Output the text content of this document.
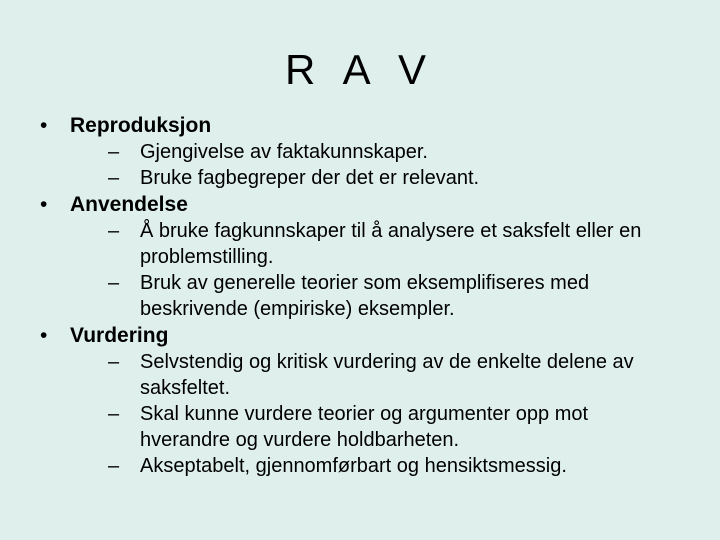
R A V
• Reproduksjon
– Gjengivelse av faktakunnskaper.
– Bruke fagbegreper der det er relevant.
• Anvendelse
– Å bruke fagkunnskaper til å analysere et saksfelt eller en problemstilling.
– Bruk av generelle teorier som eksemplifiseres med beskrivende (empiriske) eksempler.
• Vurdering
– Selvstendig og kritisk vurdering av de enkelte delene av saksfeltet.
– Skal kunne vurdere teorier og argumenter opp mot hverandre og vurdere holdbarheten.
– Akseptabelt, gjennomførbart og hensiktsmessig.
